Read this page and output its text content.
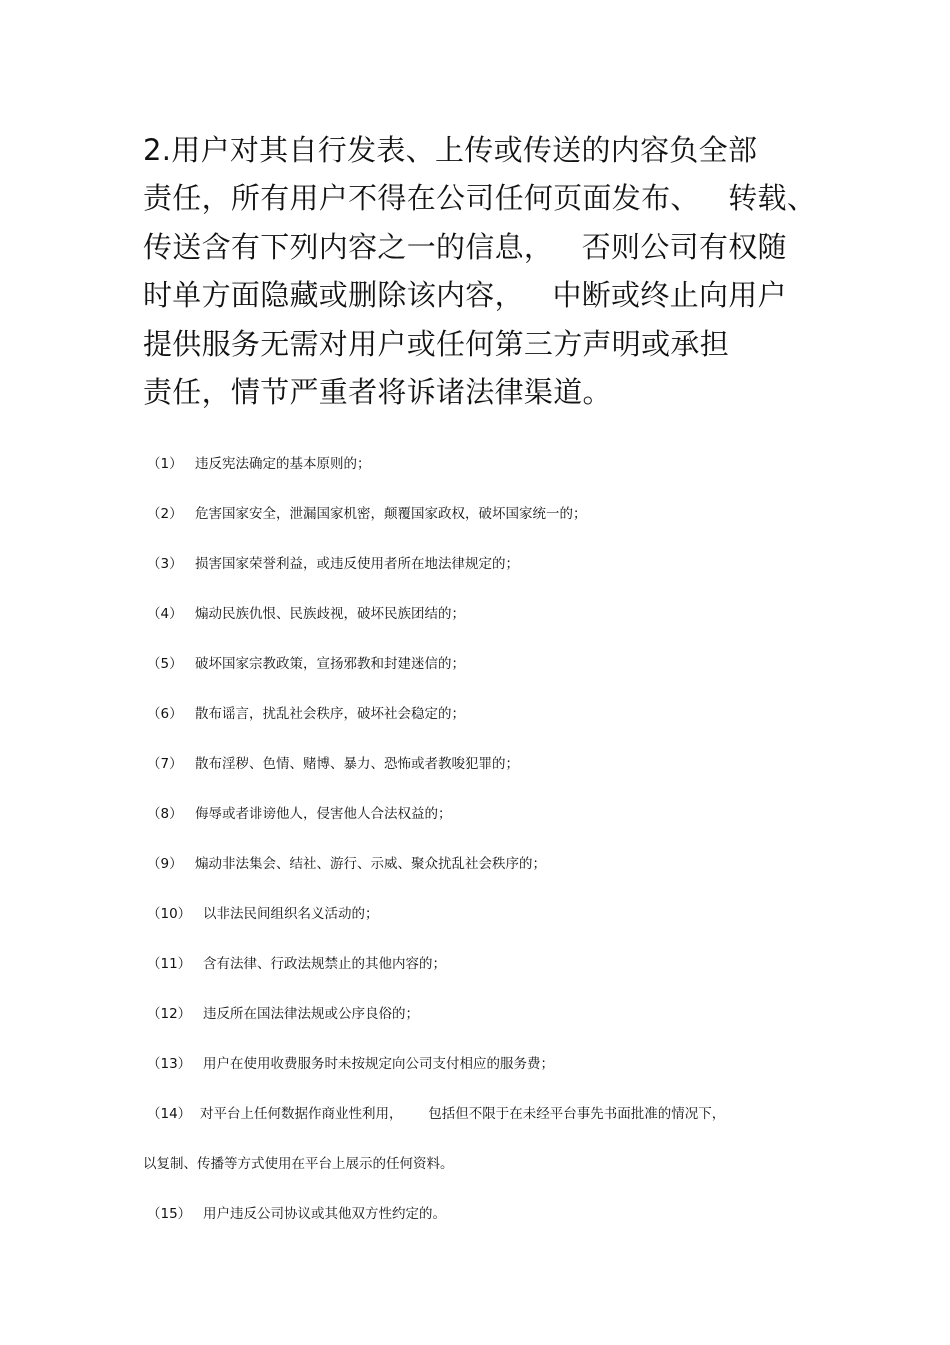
2.用户对其自行发表、上传或传送的内容负全部
责任，所有用户不得在公司任何页面发布、   转载、
传送含有下列内容之一的信息，   否则公司有权随
时单方面隐藏或删除该内容，   中断或终止向用户
提供服务无需对用户或任何第三方声明或承担
责任，情节严重者将诉诸法律渠道。
（1） 违反宪法确定的基本原则的；
（2） 危害国家安全，泄漏国家机密，颠覆国家政权，破坏国家统一的；
（3） 损害国家荣誉利益，或违反使用者所在地法律规定的；
（4） 煽动民族仇恨、民族歧视，破坏民族团结的；
（5） 破坏国家宗教政策，宣扬邪教和封建迷信的；
（6） 散布谣言，扰乱社会秩序，破坏社会稳定的；
（7） 散布淫秽、色情、赌博、暴力、恐怖或者教唆犯罪的；
（8） 侮辱或者诽谤他人，侵害他人合法权益的；
（9） 煽动非法集会、结社、游行、示威、聚众扰乱社会秩序的；
（10） 以非法民间组织名义活动的；
（11） 含有法律、行政法规禁止的其他内容的；
（12） 违反所在国法律法规或公序良俗的；
（13） 用户在使用收费服务时未按规定向公司支付相应的服务费；
（14） 对平台上任何数据作商业性利用，      包括但不限于在未经平台事先书面批准的情况下，
以复制、传播等方式使用在平台上展示的任何资料。
（15） 用户违反公司协议或其他双方性约定的。
